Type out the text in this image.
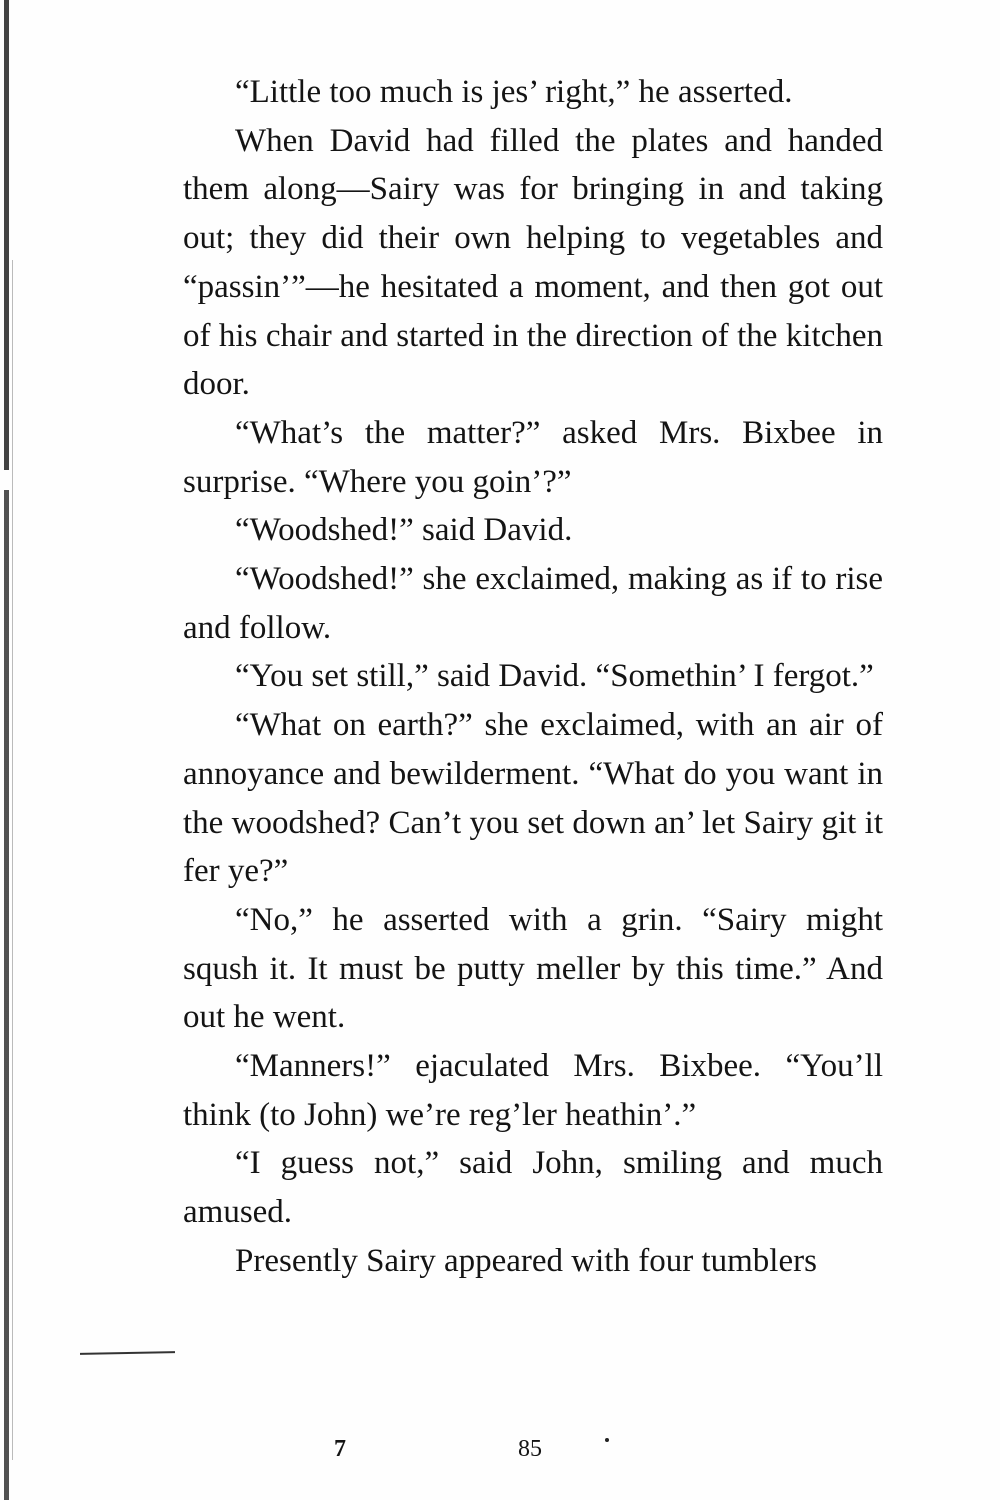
“Little too much is jes’ right,” he asserted.

When David had filled the plates and handed them along—Sairy was for bringing in and taking out; they did their own helping to vegetables and “passin’”—he hesitated a moment, and then got out of his chair and started in the direction of the kitchen door.

“What’s the matter?” asked Mrs. Bixbee in surprise. “Where you goin’?”

“Woodshed!” said David.

“Woodshed!” she exclaimed, making as if to rise and follow.

“You set still,” said David. “Somethin’ I fergot.”

“What on earth?” she exclaimed, with an air of annoyance and bewilderment. “What do you want in the woodshed? Can’t you set down an’ let Sairy git it fer ye?”

“No,” he asserted with a grin. “Sairy might sqush it. It must be putty meller by this time.” And out he went.

“Manners!” ejaculated Mrs. Bixbee. “You’ll think (to John) we’re reg’ler heathin’.”

“I guess not,” said John, smiling and much amused.

Presently Sairy appeared with four tumblers

7	85
